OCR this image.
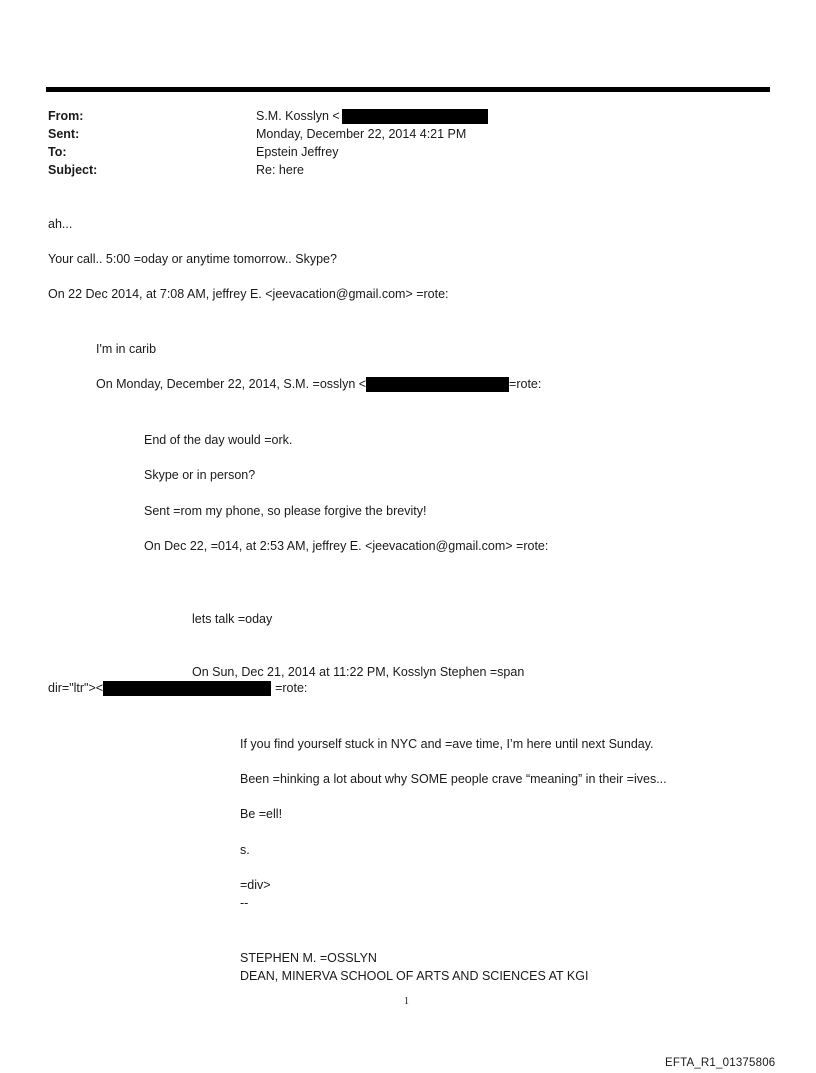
From:	S.M. Kosslyn <
Sent:	Monday, December 22, 2014 4:21 PM
To:	Epstein Jeffrey
Subject:	Re: here
ah...
Your call.. 5:00 =oday or anytime tomorrow.. Skype?
On 22 Dec 2014, at 7:08 AM, jeffrey E. <jeevacation@gmail.com> =rote:
I'm in carib
On Monday, December 22, 2014, S.M. =osslyn <	=rote:
End of the day would =ork.
Skype or in person?
Sent =rom my phone, so please forgive the brevity!
On Dec 22, =014, at 2:53 AM, jeffrey E. <jeevacation@gmail.com> =rote:
lets talk =oday
On Sun, Dec 21, 2014 at 11:22 PM, Kosslyn Stephen =span
dir="ltr"><	=rote:
If you find yourself stuck in NYC and =ave time, I’m here until next Sunday.
Been =hinking a lot about why SOME people crave “meaning” in their =ives...
Be =ell!
s.
=div>
--
STEPHEN M. =OSSLYN
DEAN, MINERVA SCHOOL OF ARTS AND SCIENCES AT KGI
1
EFTA_R1_01375806
